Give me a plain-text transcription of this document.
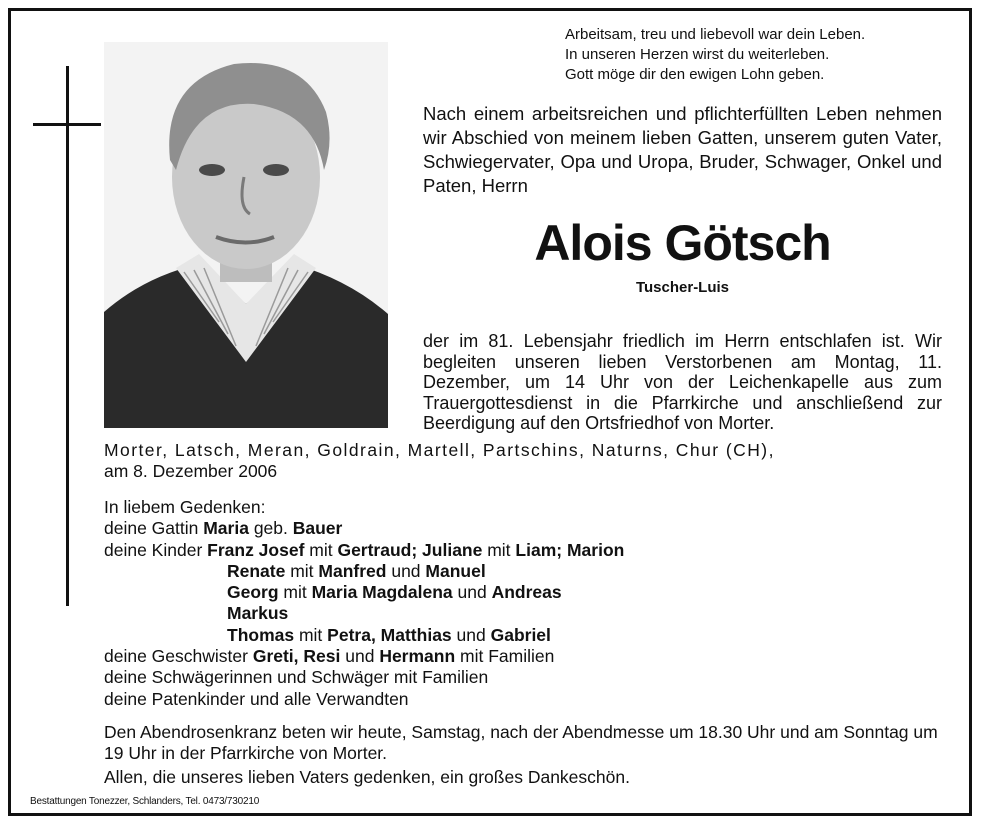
Arbeitsam, treu und liebevoll war dein Leben.
In unseren Herzen wirst du weiterleben.
Gott möge dir den ewigen Lohn geben.
Nach einem arbeitsreichen und pflichterfüllten Leben nehmen wir Abschied von meinem lieben Gatten, unserem guten Vater, Schwiegervater, Opa und Uropa, Bruder, Schwager, Onkel und Paten, Herrn
Alois Götsch
Tuscher-Luis
der im 81. Lebensjahr friedlich im Herrn entschlafen ist. Wir begleiten unseren lieben Verstorbenen am Montag, 11. Dezember, um 14 Uhr von der Leichenkapelle aus zum Trauergottesdienst in die Pfarrkirche und anschließend zur Beerdigung auf den Ortsfriedhof von Morter.
Morter, Latsch, Meran, Goldrain, Martell, Partschins, Naturns, Chur (CH),
am 8. Dezember 2006
In liebem Gedenken:
deine Gattin Maria geb. Bauer
deine Kinder Franz Josef mit Gertraud; Juliane mit Liam; Marion
Renate mit Manfred und Manuel
Georg mit Maria Magdalena und Andreas
Markus
Thomas mit Petra, Matthias und Gabriel
deine Geschwister Greti, Resi und Hermann mit Familien
deine Schwägerinnen und Schwäger mit Familien
deine Patenkinder und alle Verwandten
Den Abendrosenkranz beten wir heute, Samstag, nach der Abendmesse um 18.30 Uhr und am Sonntag um 19 Uhr in der Pfarrkirche von Morter.
Allen, die unseres lieben Vaters gedenken, ein großes Dankeschön.
Bestattungen Tonezzer, Schlanders, Tel. 0473/730210
